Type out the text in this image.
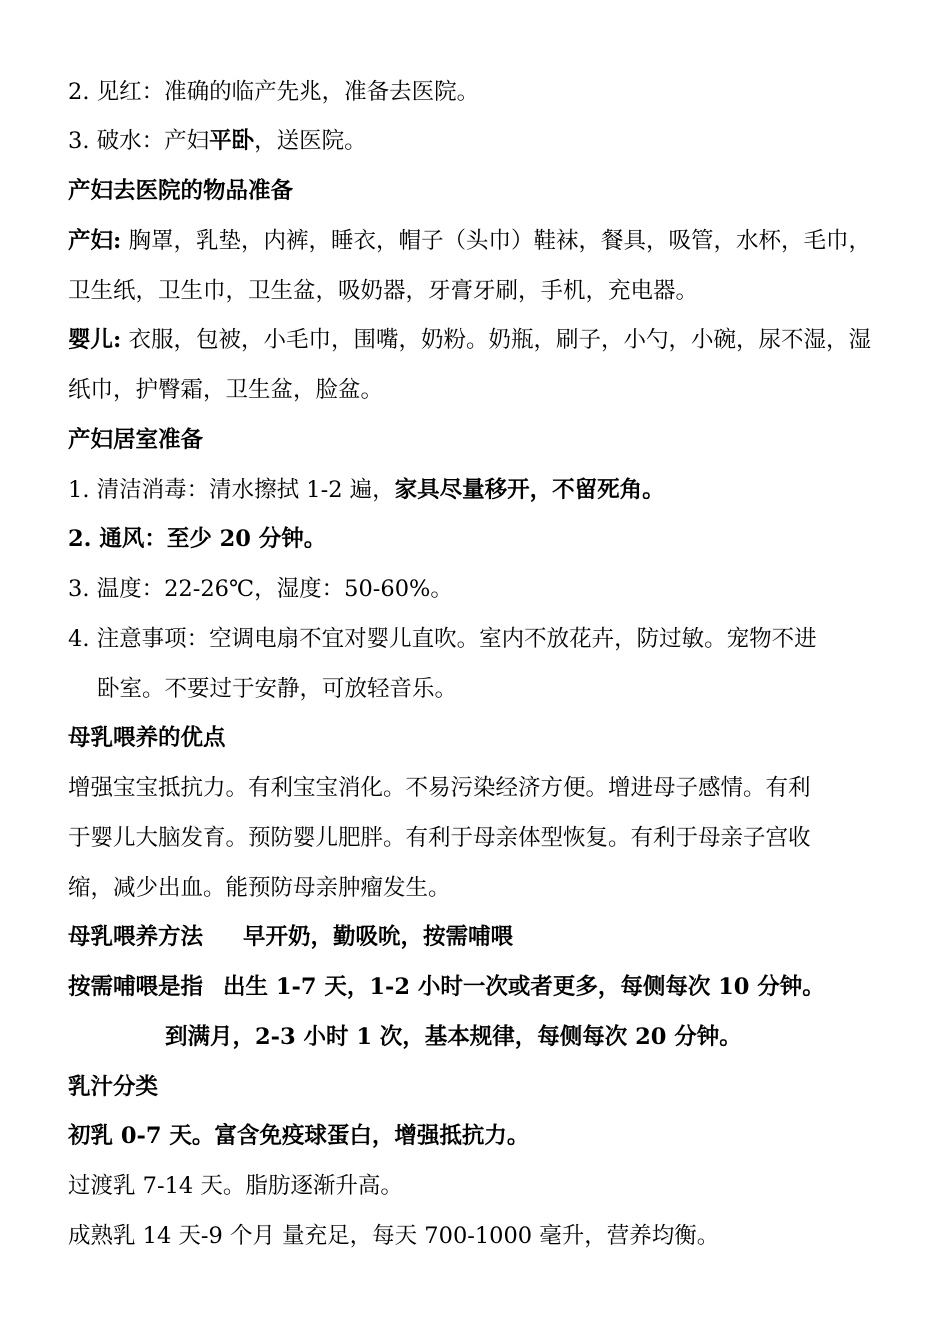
2. 见红：准确的临产先兆，准备去医院。
3. 破水：产妇平卧，送医院。
产妇去医院的物品准备
产妇: 胸罩，乳垫，内裤，睡衣，帽子（头巾）鞋袜，餐具，吸管，水杯，毛巾，
卫生纸，卫生巾，卫生盆，吸奶器，牙膏牙刷，手机，充电器。
婴儿: 衣服，包被，小毛巾，围嘴，奶粉。奶瓶，刷子，小勺，小碗，尿不湿，湿
纸巾，护臀霜，卫生盆，脸盆。
产妇居室准备
1. 清洁消毒：清水擦拭 1-2 遍，家具尽量移开，不留死角。
2. 通风：至少 20 分钟。
3. 温度：22-26℃，湿度：50-60%。
4. 注意事项：空调电扇不宜对婴儿直吹。室内不放花卉，防过敏。宠物不进
卧室。不要过于安静，可放轻音乐。
母乳喂养的优点
增强宝宝抵抗力。有利宝宝消化。不易污染经济方便。增进母子感情。有利
于婴儿大脑发育。预防婴儿肥胖。有利于母亲体型恢复。有利于母亲子宫收
缩，减少出血。能预防母亲肿瘤发生。
母乳喂养方法 早开奶，勤吸吮，按需哺喂
按需哺喂是指 出生 1-7 天，1-2 小时一次或者更多，每侧每次 10 分钟。
到满月，2-3 小时 1 次，基本规律，每侧每次 20 分钟。
乳汁分类
初乳 0-7 天。富含免疫球蛋白，增强抵抗力。
过渡乳 7-14 天。脂肪逐渐升高。
成熟乳 14 天-9 个月 量充足，每天 700-1000 毫升，营养均衡。
